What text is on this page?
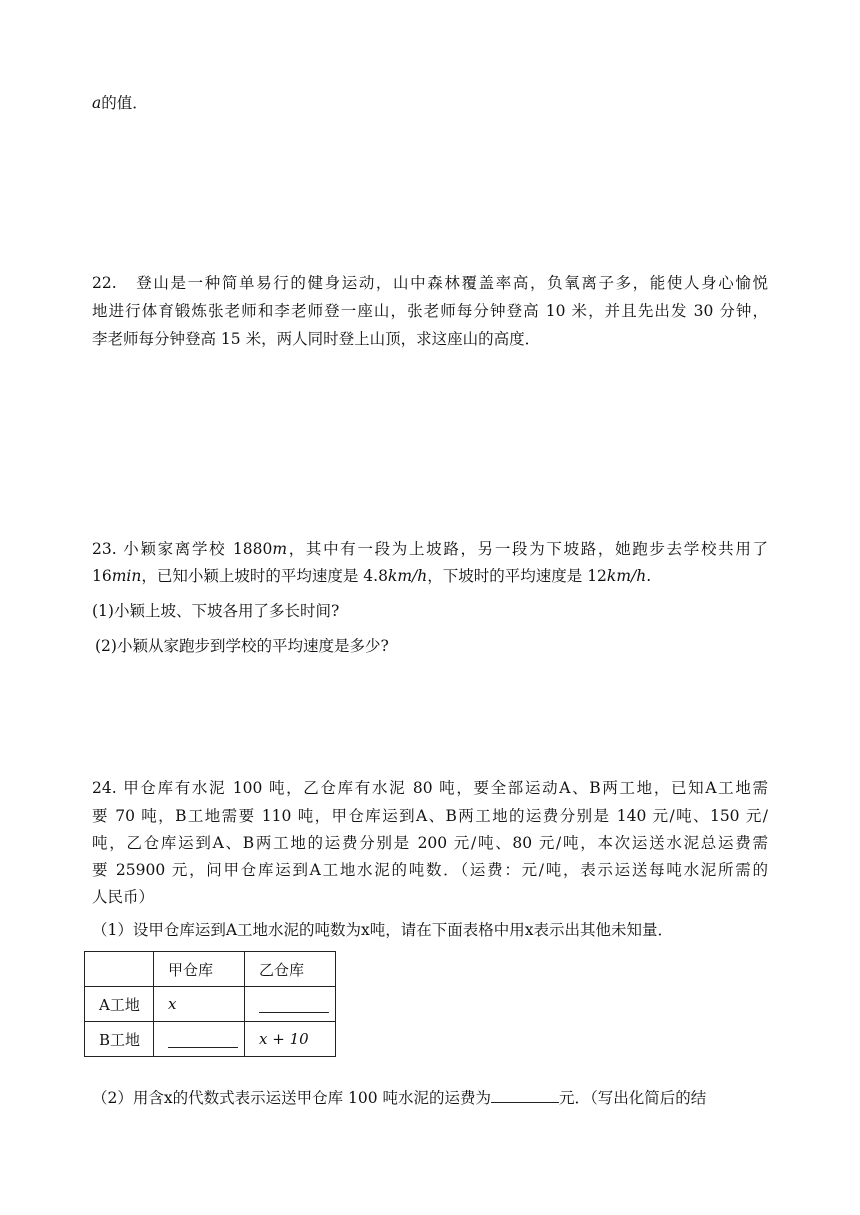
a的值．
22. 登山是一种简单易行的健身运动，山中森林覆盖率高，负氧离子多，能使人身心愉悦
地进行体育锻炼张老师和李老师登一座山，张老师每分钟登高 10 米，并且先出发 30 分钟，
李老师每分钟登高 15 米，两人同时登上山顶，求这座山的高度．
23. 小颖家离学校 1880m，其中有一段为上坡路，另一段为下坡路，她跑步去学校共用了
16min，已知小颖上坡时的平均速度是 4.8km/h，下坡时的平均速度是 12km/h.
(1)小颖上坡、下坡各用了多长时间?
(2)小颖从家跑步到学校的平均速度是多少?
24. 甲仓库有水泥 100 吨，乙仓库有水泥 80 吨，要全部运动A、B两工地，已知A工地需
要 70 吨，B工地需要 110 吨，甲仓库运到A、B两工地的运费分别是 140 元/吨、150 元/
吨，乙仓库运到A、B两工地的运费分别是 200 元/吨、80 元/吨，本次运送水泥总运费需
要 25900 元，问甲仓库运到A工地水泥的吨数．（运费：元/吨，表示运送每吨水泥所需的
人民币）
（1）设甲仓库运到A工地水泥的吨数为x吨，请在下面表格中用x表示出其他未知量．
	甲仓库	乙仓库
A工地	x	
B工地		x + 10
（2）用含x的代数式表示运送甲仓库 100 吨水泥的运费为	元．（写出化简后的结
